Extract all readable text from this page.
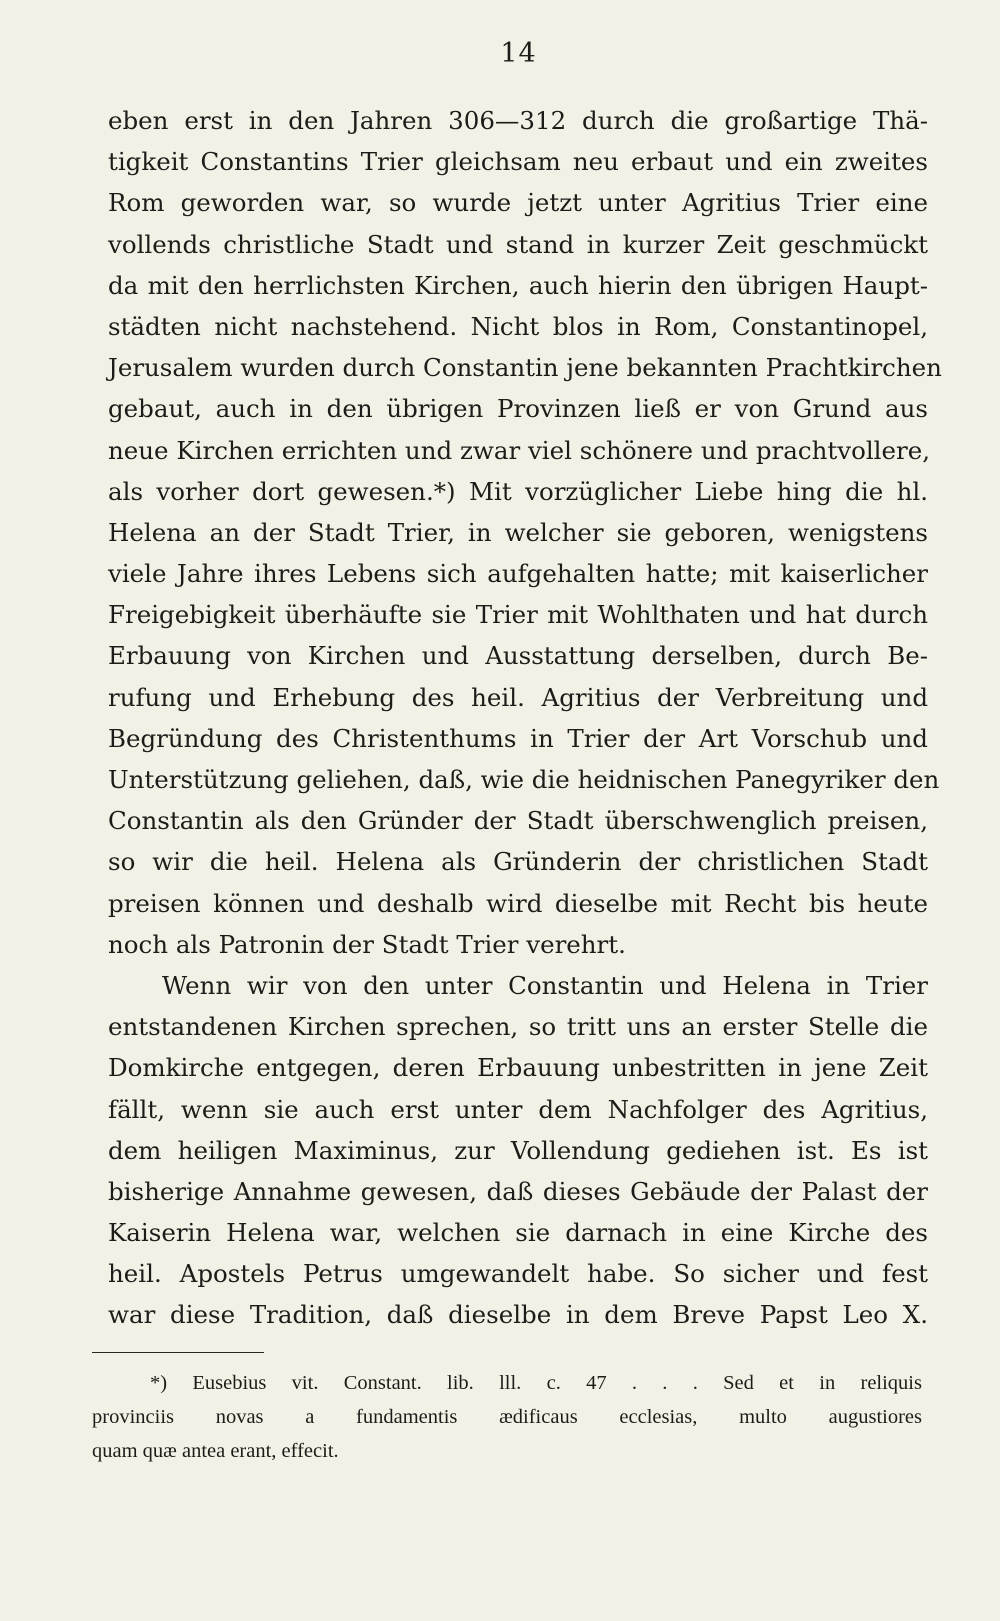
14
eben erst in den Jahren 306—312 durch die großartige Thä-
tigkeit Constantins Trier gleichsam neu erbaut und ein zweites
Rom geworden war, so wurde jetzt unter Agritius Trier eine
vollends christliche Stadt und stand in kurzer Zeit geschmückt
da mit den herrlichsten Kirchen, auch hierin den übrigen Haupt-
städten nicht nachstehend. Nicht blos in Rom, Constantinopel,
Jerusalem wurden durch Constantin jene bekannten Prachtkirchen
gebaut, auch in den übrigen Provinzen ließ er von Grund aus
neue Kirchen errichten und zwar viel schönere und prachtvollere,
als vorher dort gewesen.*) Mit vorzüglicher Liebe hing die hl.
Helena an der Stadt Trier, in welcher sie geboren, wenigstens
viele Jahre ihres Lebens sich aufgehalten hatte; mit kaiserlicher
Freigebigkeit überhäufte sie Trier mit Wohlthaten und hat durch
Erbauung von Kirchen und Ausstattung derselben, durch Be-
rufung und Erhebung des heil. Agritius der Verbreitung und
Begründung des Christenthums in Trier der Art Vorschub und
Unterstützung geliehen, daß, wie die heidnischen Panegyriker den
Constantin als den Gründer der Stadt überschwenglich preisen,
so wir die heil. Helena als Gründerin der christlichen Stadt
preisen können und deshalb wird dieselbe mit Recht bis heute
noch als Patronin der Stadt Trier verehrt.
Wenn wir von den unter Constantin und Helena in Trier
entstandenen Kirchen sprechen, so tritt uns an erster Stelle die
Domkirche entgegen, deren Erbauung unbestritten in jene Zeit
fällt, wenn sie auch erst unter dem Nachfolger des Agritius,
dem heiligen Maximinus, zur Vollendung gediehen ist. Es ist
bisherige Annahme gewesen, daß dieses Gebäude der Palast der
Kaiserin Helena war, welchen sie darnach in eine Kirche des
heil. Apostels Petrus umgewandelt habe. So sicher und fest
war diese Tradition, daß dieselbe in dem Breve Papst Leo X.
*) Eusebius vit. Constant. lib. lll. c. 47 . . . Sed et in reliquis
provinciis novas a fundamentis ædificaus ecclesias, multo augustiores
quam quæ antea erant, effecit.
